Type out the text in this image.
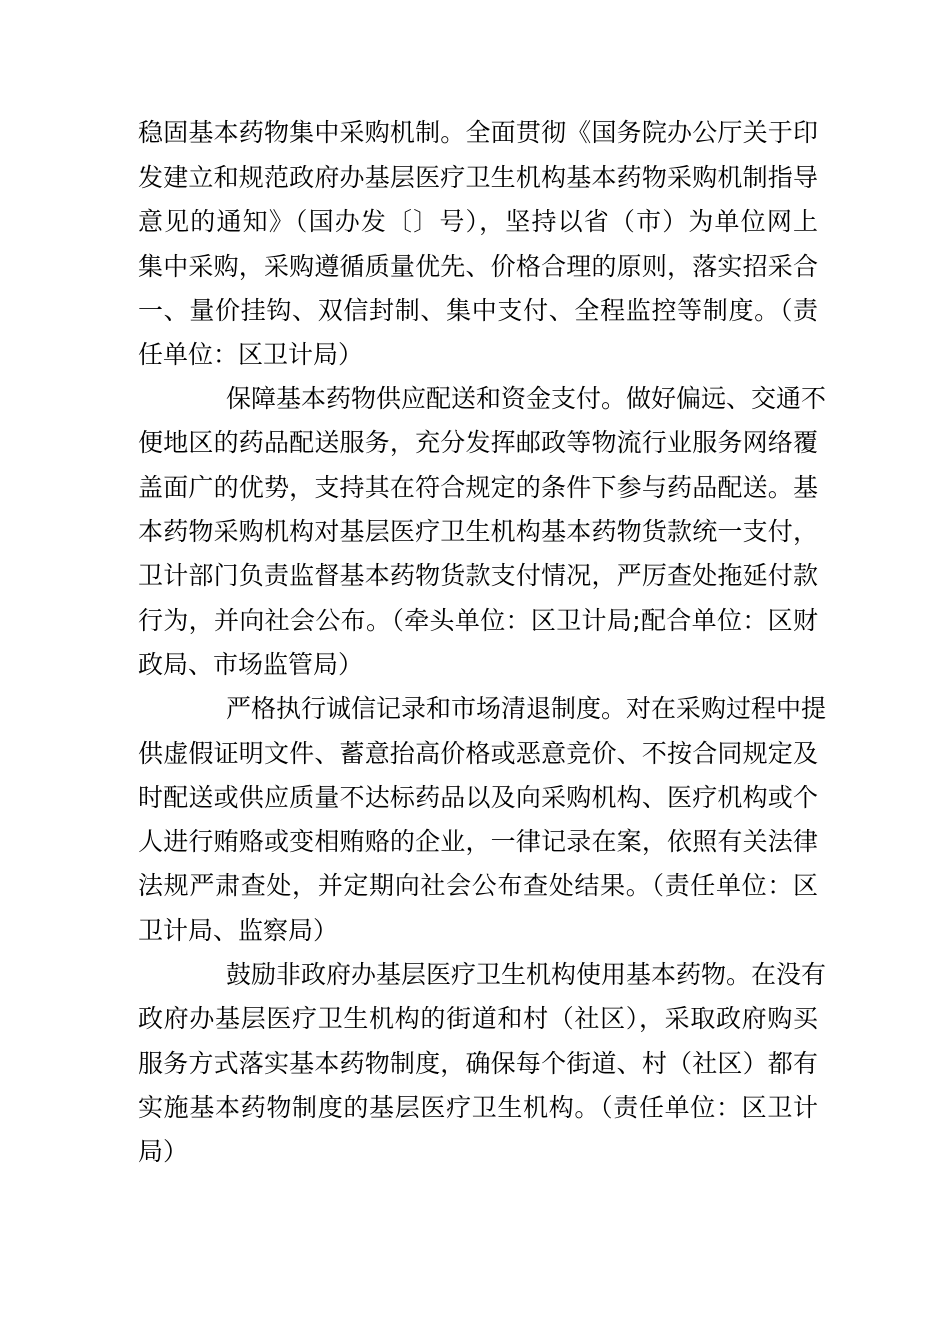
稳固基本药物集中采购机制。全面贯彻《国务院办公厅关于印
发建立和规范政府办基层医疗卫生机构基本药物采购机制指导
意见的通知》（国办发〔〕号），坚持以省（市）为单位网上
集中采购，采购遵循质量优先、价格合理的原则，落实招采合
一、量价挂钩、双信封制、集中支付、全程监控等制度。（责
任单位：区卫计局）
保障基本药物供应配送和资金支付。做好偏远、交通不
便地区的药品配送服务，充分发挥邮政等物流行业服务网络覆
盖面广的优势，支持其在符合规定的条件下参与药品配送。基
本药物采购机构对基层医疗卫生机构基本药物货款统一支付，
卫计部门负责监督基本药物货款支付情况，严厉查处拖延付款
行为，并向社会公布。（牵头单位：区卫计局;配合单位：区财
政局、市场监管局）
严格执行诚信记录和市场清退制度。对在采购过程中提
供虚假证明文件、蓄意抬高价格或恶意竞价、不按合同规定及
时配送或供应质量不达标药品以及向采购机构、医疗机构或个
人进行贿赂或变相贿赂的企业，一律记录在案，依照有关法律
法规严肃查处，并定期向社会公布查处结果。（责任单位：区
卫计局、监察局）
鼓励非政府办基层医疗卫生机构使用基本药物。在没有
政府办基层医疗卫生机构的街道和村（社区），采取政府购买
服务方式落实基本药物制度，确保每个街道、村（社区）都有
实施基本药物制度的基层医疗卫生机构。（责任单位：区卫计
局）
